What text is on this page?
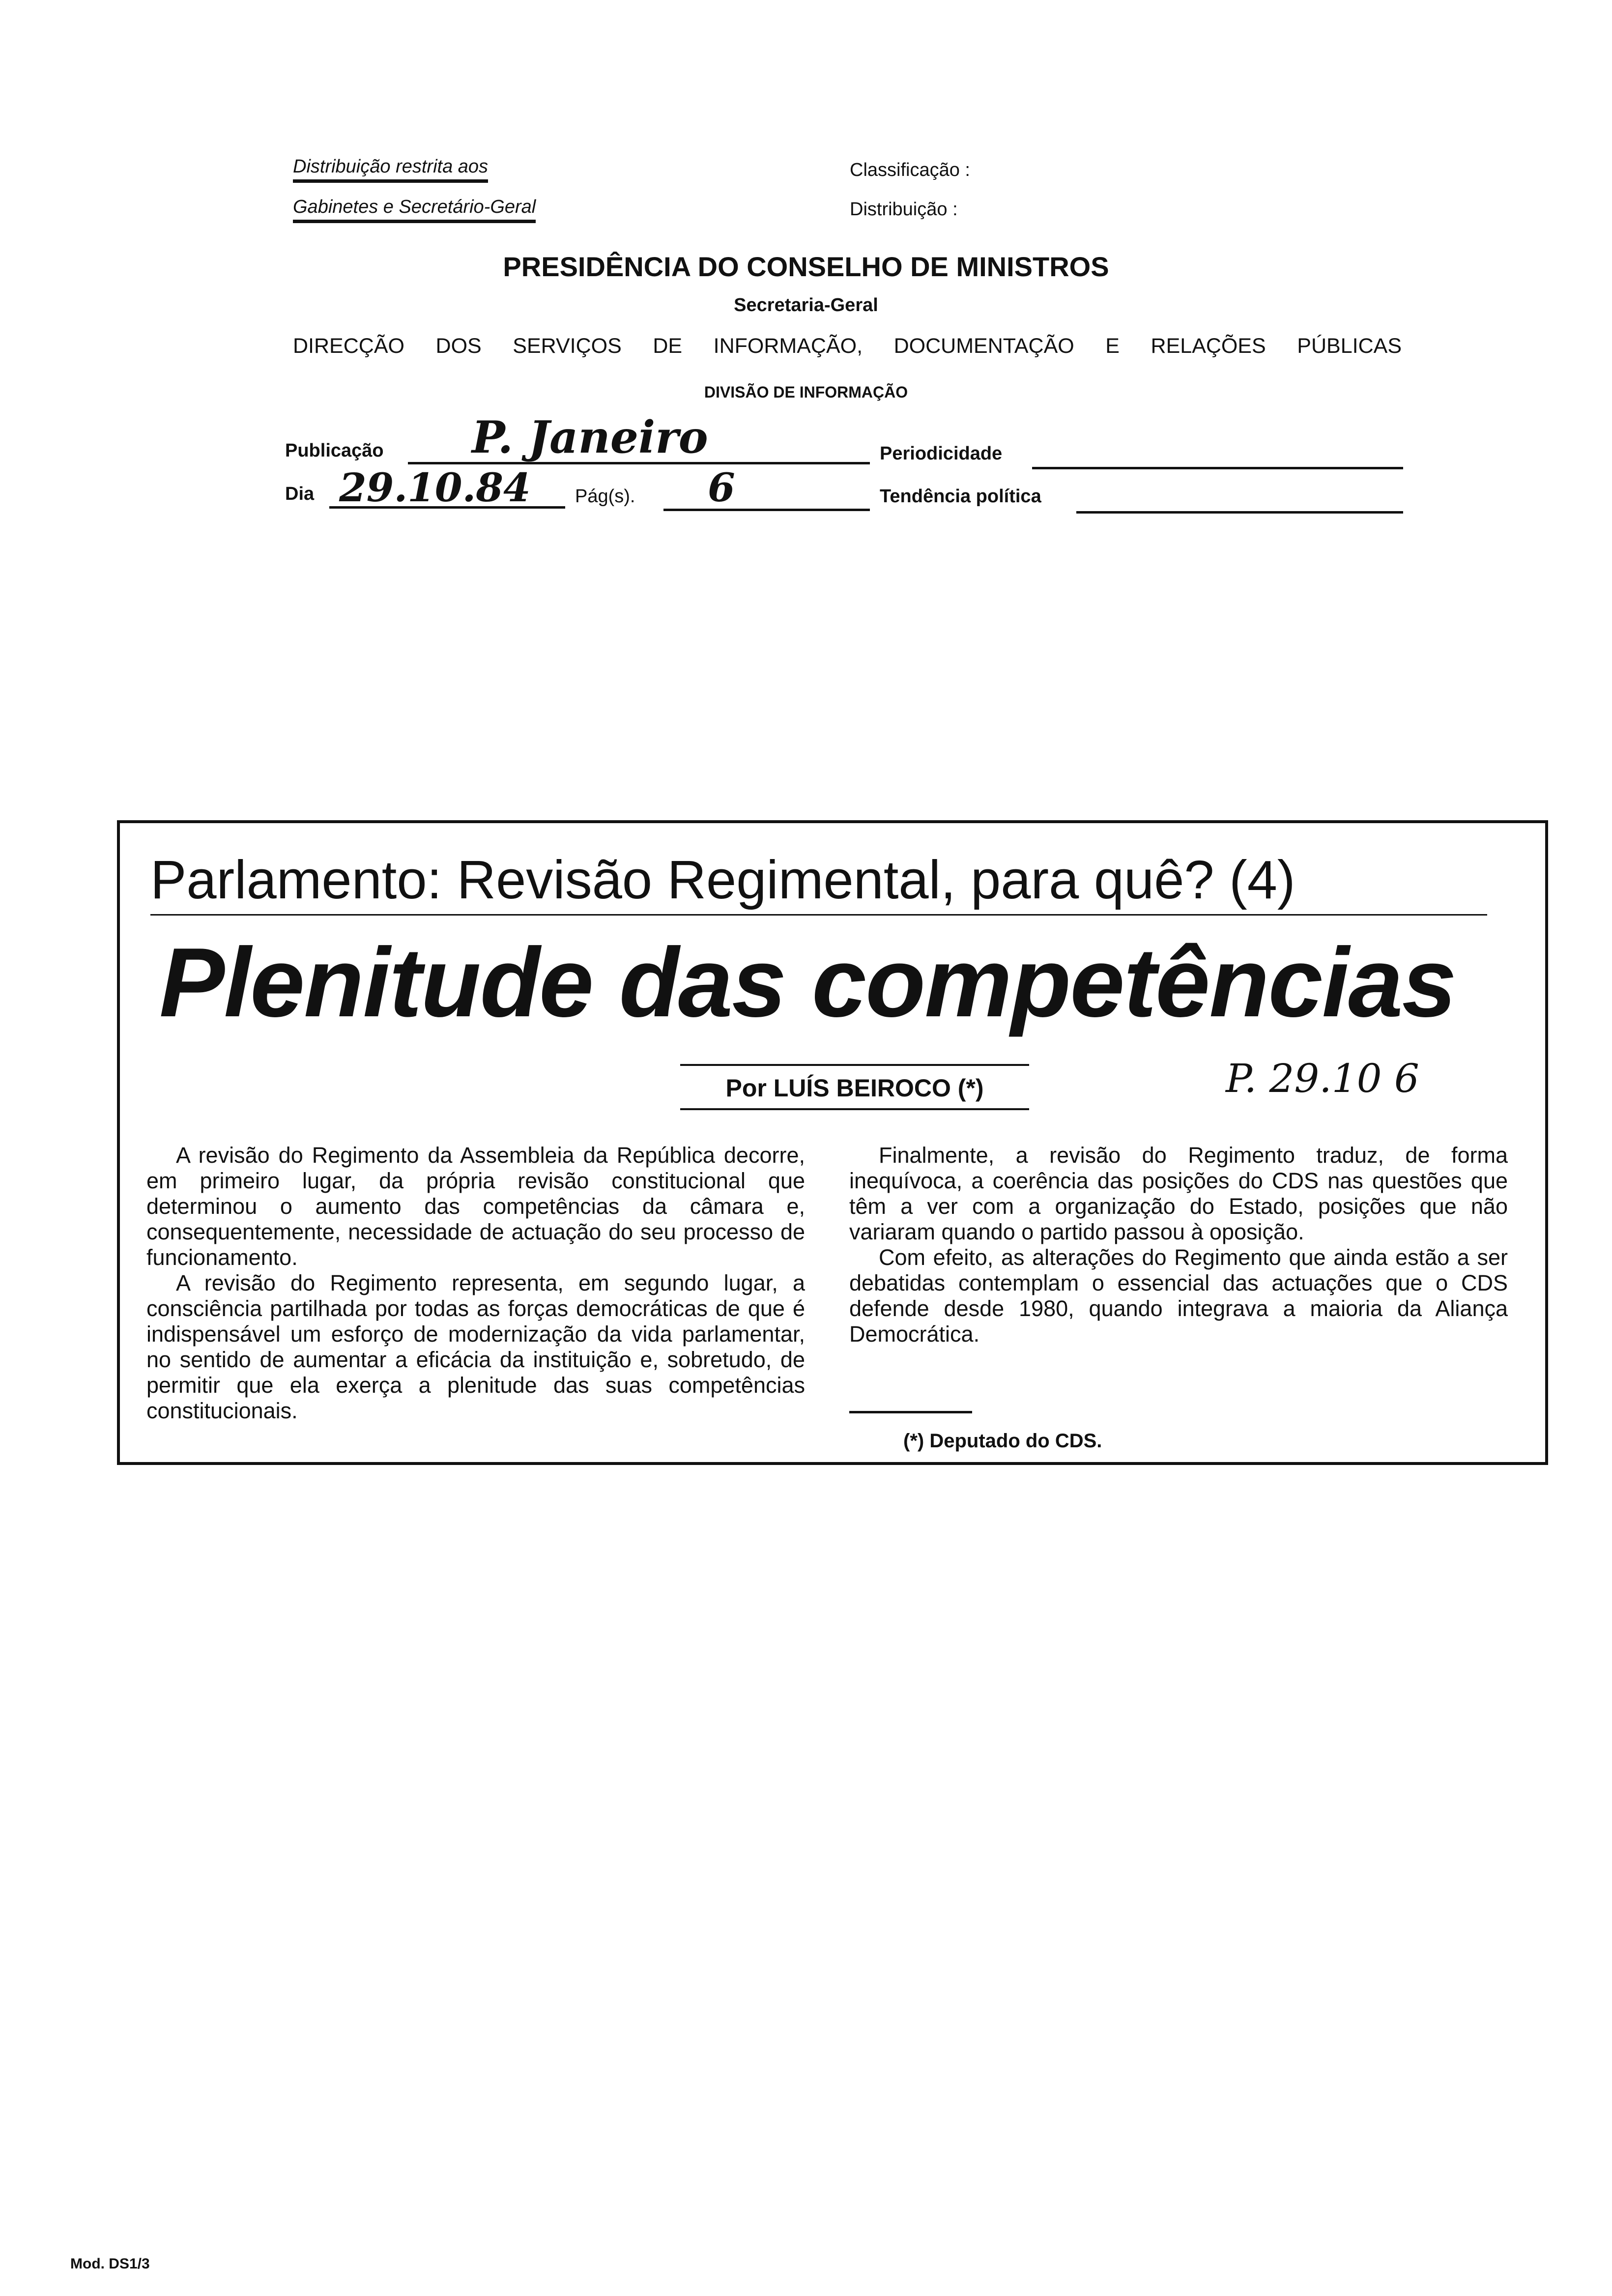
Distribuição restrita aos
Gabinetes e Secretário-Geral
Classificação :
Distribuição :
PRESIDÊNCIA DO CONSELHO DE MINISTROS
Secretaria-Geral
DIRECÇÃO DOS SERVIÇOS DE INFORMAÇÃO, DOCUMENTAÇÃO E RELAÇÕES PÚBLICAS
DIVISÃO DE INFORMAÇÃO
Publicação P. Janeiro	Periodicidade
Dia 29.10.84 Pág(s). 6	Tendência política
Parlamento: Revisão Regimental, para quê? (4)
Plenitude das competências
P. 29.10 6
Por LUÍS BEIROCO (*)

A revisão do Regimento da Assembleia da República decorre, em primeiro lugar, da própria revisão constitucional que determinou o aumento das competências da câmara e, consequentemente, necessidade de actuação do seu processo de funcionamento.

A revisão do Regimento representa, em segundo lugar, a consciência partilhada por todas as forças democráticas de que é indispensável um esforço de modernização da vida parlamentar, no sentido de aumentar a eficácia da instituição e, sobretudo, de permitir que ela exerça a plenitude das suas competências constitucionais.

Finalmente, a revisão do Regimento traduz, de forma inequívoca, a coerência das posições do CDS nas questões que têm a ver com a organização do Estado, posições que não variaram quando o partido passou à oposição.

Com efeito, as alterações do Regimento que ainda estão a ser debatidas contemplam o essencial das actuações que o CDS defende desde 1980, quando integrava a maioria da Aliança Democrática.

(*) Deputado do CDS.
Mod. DS1/3
